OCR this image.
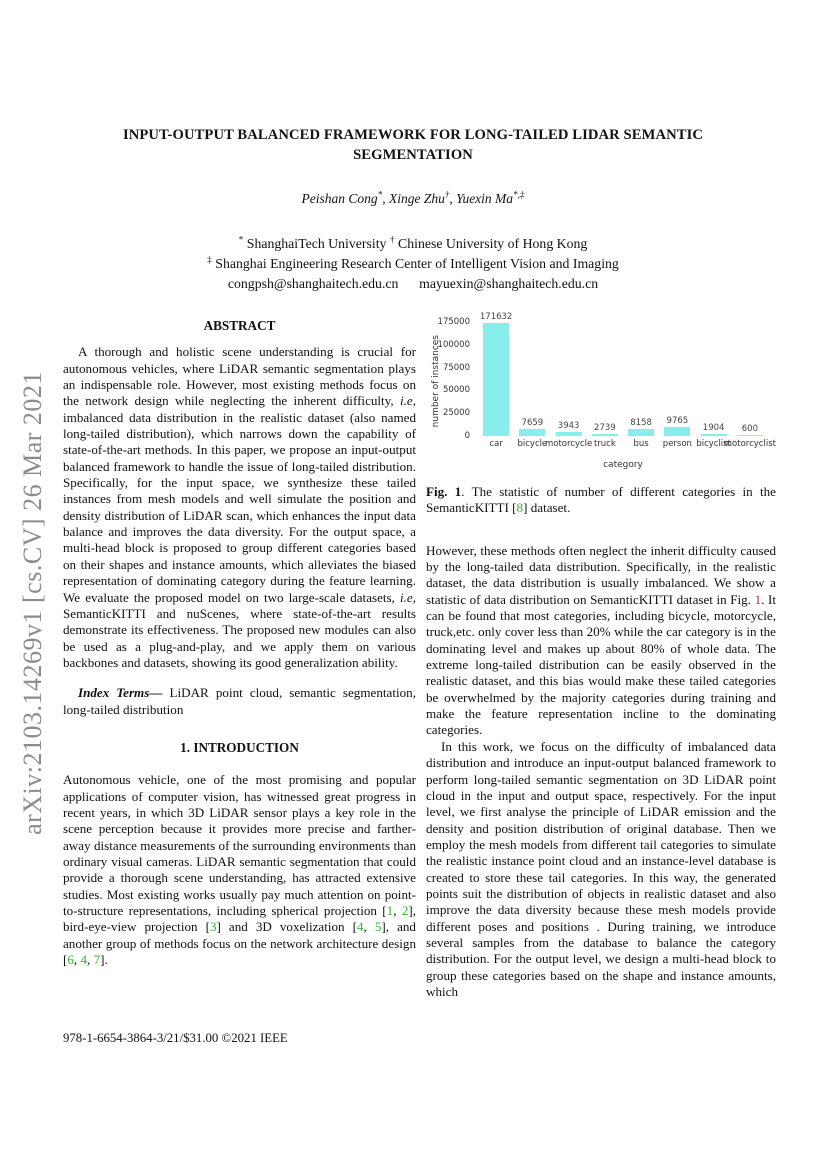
arXiv:2103.14269v1 [cs.CV] 26 Mar 2021
INPUT-OUTPUT BALANCED FRAMEWORK FOR LONG-TAILED LIDAR SEMANTIC SEGMENTATION
Peishan Cong*, Xinge Zhu†, Yuexin Ma*,‡
* ShanghaiTech University † Chinese University of Hong Kong
‡ Shanghai Engineering Research Center of Intelligent Vision and Imaging
congpsh@shanghaitech.edu.cn      mayuexin@shanghaitech.edu.cn

ABSTRACT

A thorough and holistic scene understanding is crucial for autonomous vehicles, where LiDAR semantic segmentation plays an indispensable role. However, most existing methods focus on the network design while neglecting the inherent difficulty, i.e, imbalanced data distribution in the realistic dataset (also named long-tailed distribution), which narrows down the capability of state-of-the-art methods. In this paper, we propose an input-output balanced framework to handle the issue of long-tailed distribution. Specifically, for the input space, we synthesize these tailed instances from mesh models and well simulate the position and density distribution of LiDAR scan, which enhances the input data balance and improves the data diversity. For the output space, a multi-head block is proposed to group different categories based on their shapes and instance amounts, which alleviates the biased representation of dominating category during the feature learning. We evaluate the proposed model on two large-scale datasets, i.e, SemanticKITTI and nuScenes, where state-of-the-art results demonstrate its effectiveness. The proposed new modules can also be used as a plug-and-play, and we apply them on various backbones and datasets, showing its good generalization ability.

Index Terms— LiDAR point cloud, semantic segmentation, long-tailed distribution

1. INTRODUCTION

Autonomous vehicle, one of the most promising and popular applications of computer vision, has witnessed great progress in recent years, in which 3D LiDAR sensor plays a key role in the scene perception because it provides more precise and farther-away distance measurements of the surrounding environments than ordinary visual cameras. LiDAR semantic segmentation that could provide a thorough scene understanding, has attracted extensive studies. Most existing works usually pay much attention on point-to-structure representations, including spherical projection [1, 2], bird-eye-view projection [3] and 3D voxelization [4, 5], and another group of methods focus on the network architecture design [6, 4, 7].

0
25000
50000
75000
100000
175000
number of instances
171632
car
7659
bicycle
3943
motorcycle
2739
truck
8158
bus
9765
person
1904
bicyclist
600
motorcyclist
category

Fig. 1. The statistic of number of different categories in the SemanticKITTI [8] dataset.

However, these methods often neglect the inherit difficulty caused by the long-tailed data distribution. Specifically, in the realistic dataset, the data distribution is usually imbalanced. We show a statistic of data distribution on SemanticKITTI dataset in Fig. 1. It can be found that most categories, including bicycle, motorcycle, truck,etc. only cover less than 20% while the car category is in the dominating level and makes up about 80% of whole data. The extreme long-tailed distribution can be easily observed in the realistic dataset, and this bias would make these tailed categories be overwhelmed by the majority categories during training and make the feature representation incline to the dominating categories.

In this work, we focus on the difficulty of imbalanced data distribution and introduce an input-output balanced framework to perform long-tailed semantic segmentation on 3D LiDAR point cloud in the input and output space, respectively. For the input level, we first analyse the principle of LiDAR emission and the density and position distribution of original database. Then we employ the mesh models from different tail categories to simulate the realistic instance point cloud and an instance-level database is created to store these tail categories. In this way, the generated points suit the distribution of objects in realistic dataset and also improve the data diversity because these mesh models provide different poses and positions . During training, we introduce several samples from the database to balance the category distribution. For the output level, we design a multi-head block to group these categories based on the shape and instance amounts, which

978-1-6654-3864-3/21/$31.00 ©2021 IEEE
